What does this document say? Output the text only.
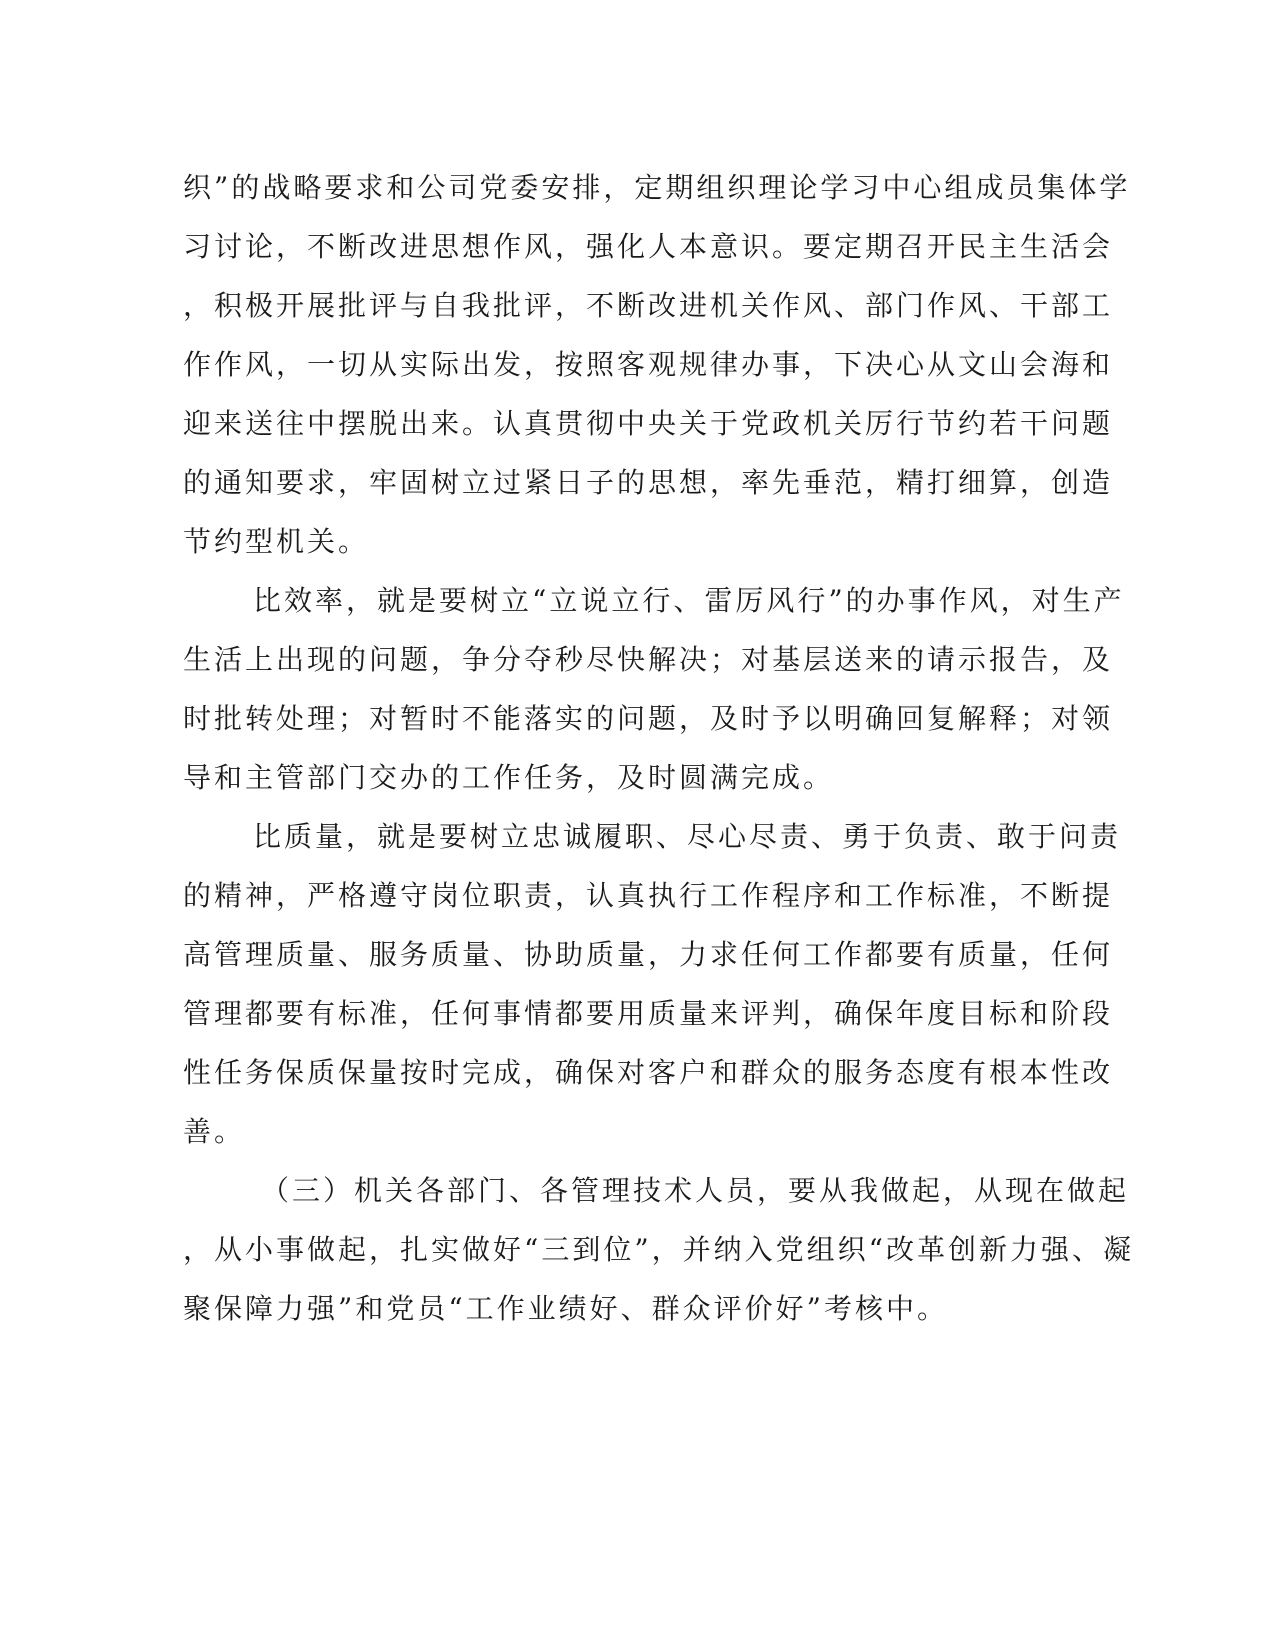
织”的战略要求和公司党委安排，定期组织理论学习中心组成员集体学
习讨论，不断改进思想作风，强化人本意识。要定期召开民主生活会
，积极开展批评与自我批评，不断改进机关作风、部门作风、干部工
作作风，一切从实际出发，按照客观规律办事，下决心从文山会海和
迎来送往中摆脱出来。认真贯彻中央关于党政机关厉行节约若干问题
的通知要求，牢固树立过紧日子的思想，率先垂范，精打细算，创造
节约型机关。
比效率，就是要树立“立说立行、雷厉风行”的办事作风，对生产
生活上出现的问题，争分夺秒尽快解决；对基层送来的请示报告，及
时批转处理；对暂时不能落实的问题，及时予以明确回复解释；对领
导和主管部门交办的工作任务，及时圆满完成。
比质量，就是要树立忠诚履职、尽心尽责、勇于负责、敢于问责
的精神，严格遵守岗位职责，认真执行工作程序和工作标准，不断提
高管理质量、服务质量、协助质量，力求任何工作都要有质量，任何
管理都要有标准，任何事情都要用质量来评判，确保年度目标和阶段
性任务保质保量按时完成，确保对客户和群众的服务态度有根本性改
善。
（三）机关各部门、各管理技术人员，要从我做起，从现在做起
，从小事做起，扎实做好“三到位”，并纳入党组织“改革创新力强、凝
聚保障力强”和党员“工作业绩好、群众评价好”考核中。
